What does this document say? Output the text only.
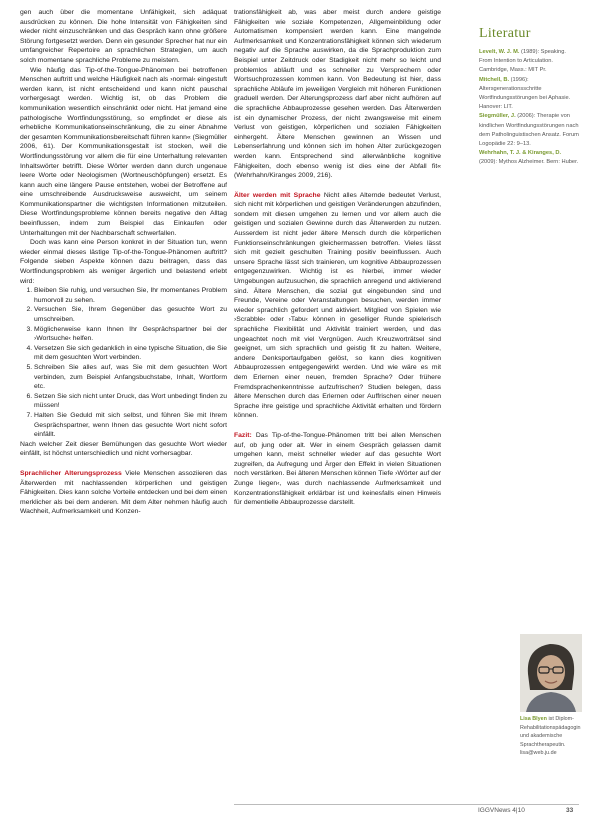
gen auch über die momentane Unfähigkeit, sich adäquat ausdrücken zu können. Die hohe Intensität von Fähigkeiten sind wieder nicht einzuschränken und das Gespräch kann ohne größere Störung fortgesetzt werden. Denn ein gesunder Sprecher hat nur ein umfangreicher Repertoire an sprachlichen Strategien, um auch solch momentane sprachliche Probleme zu meistern.

Wie häufig das Tip-of-the-Tongue-Phänomen bei betroffenen Menschen auftritt und welche Häufigkeit nach als ›normal‹ eingestuft werden kann, ist nicht entscheidend und kann nicht pauschal vorhergesagt werden. Wichtig ist, ob das Problem die kommunikation wesentlich einschränkt oder nicht. Hat jemand eine pathologische Wortfindungsstörung, so empfindet er diese als erhebliche Kommunikationseinschränkung, die zu einer Abnahme der gesamten Kommunikationsbereitschaft führen kann« (Siegmüller 2006, 61). Der Kommunikationsgestalt ist stocken, weil die Wortfindungsstörung vor allem die für eine Unterhaltung relevanten Inhaltswörter betrifft. Diese Wörter werden dann durch ungenaue leere Worte oder Neologismen (Wortneuschöpfungen) ersetzt. Es kann auch eine längere Pause entstehen, wobei der Betroffene auf eine umschreibende Ausdrucksweise ausweicht, um seinem Kommunikationspartner die wichtigsten Informationen mitzuteilen. Diese Wortfindungsprobleme können bereits negative den Alltag beeinflussen, indem zum Beispiel das Einkaufen oder Unterhaltungen mit der Nachbarschaft schwerfallen.

Doch was kann eine Person konkret in der Situation tun, wenn wieder einmal dieses lästige Tip-of-the-Tongue-Phänomen auftritt? Folgende sieben Aspekte können dazu beitragen, dass das Wortfindungsproblem als weniger ärgerlich und belastend erlebt wird:

1. Bleiben Sie ruhig, und versuchen Sie, Ihr momentanes Problem humorvoll zu sehen.
2. Versuchen Sie, Ihrem Gegenüber das gesuchte Wort zu umschreiben.
3. Möglicherweise kann Ihnen Ihr Gesprächspartner bei der ›Wortsuche‹ helfen.
4. Versetzen Sie sich gedanklich in eine typische Situation, die Sie mit dem gesuchten Wort verbinden.
5. Schreiben Sie alles auf, was Sie mit dem gesuchten Wort verbinden, zum Beispiel Anfangsbuchstabe, Inhalt, Wortform etc.
6. Setzen Sie sich nicht unter Druck, das Wort unbedingt finden zu müssen!
7. Halten Sie Geduld mit sich selbst, und führen Sie mit Ihrem Gesprächspartner, wenn Ihnen das gesuchte Wort nicht sofort einfällt.

Nach welcher Zeit dieser Bemühungen das gesuchte Wort wieder einfällt, ist höchst unterschiedlich und nicht vorhersagbar.

Sprachlicher Alterungsprozess Viele Menschen assoziieren das Älterwerden mit nachlassenden körperlichen und geistigen Fähigkeiten. Dies kann solche Vorteile entdecken und bei dem einen merklicher als bei dem anderen. Mit dem Alter nehmen häufig auch Wachheit, Aufmerksamkeit und Konzen-

trationsfähigkeit ab, was aber meist durch andere geistige Fähigkeiten wie soziale Kompetenzen, Allgemeinbildung oder Automatismen kompensiert werden kann. Eine mangelnde Aufmerksamkeit und Konzentrationsfähigkeit können sich wiederum negativ auf die Sprache auswirken, da die Sprachproduktion zum Beispiel unter Zeitdruck oder Stadigkeit nicht mehr so leicht und problemlos abläuft und es schneller zu Versprechern oder Wortsuchprozessen kommen kann. Von Bedeutung ist hier, dass sprachliche Abläufe im jeweiligen Vergleich mit höheren Funktionen graduell werden. Der Alterungsprozess darf aber nicht aufhören auf die sprachliche Abbauprozesse gesehen werden. Das Älterwerden ist ein dynamischer Prozess, der nicht zwangsweise mit einem Verlust von geistigen, körperlichen und sozialen Fähigkeiten einhergeht. Ältere Menschen gewinnen an Wissen und Lebenserfahrung und können sich im hohen Alter zurückgezogen werden kann. Entsprechend sind allerwänbliche kognitive Fähigkeiten, doch ebenso wenig ist dies eine der Abfall fit« (Wehrhahn/Kiranges 2009, 216).

Älter werden mit Sprache Nicht alles Alternde bedeutet Verlust, sich nicht mit körperlichen und geistigen Veränderungen abzufinden, sondern mit diesen umgehen zu lernen und vor allem auch die geistigen und sozialen Gewinne durch das Älterwerden zu nutzen. Ausserdem ist nicht jeder ältere Mensch durch die körperlichen Funktionseinschränkungen gleichermassen betroffen. Vieles lässt sich mit gezielt geschulten Training positiv beeinflussen. Auch unsere Sprache lässt sich trainieren, um kognitive Abbauprozessen entgegenzuwirken. Wichtig ist es hierbei, immer wieder Umgebungen aufzusuchen, die sprachlich anregend und aktivierend sind. Ältere Menschen, die sozial gut eingebunden sind und Freunde, Vereine oder Veranstaltungen besuchen, werden immer wieder sprachlich gefordert und aktiviert. Mitglied von Spielen wie ›Scrabble‹ oder ›Tabu‹ können in geselliger Runde spielerisch sprachliche Flexibilität und Aktivität trainiert werden, und das ungeachtet noch mit viel Vergnügen. Auch Kreuzworträtsel sind geeignet, um sich sprachlich und geistig fit zu halten. Weitere, andere Denksportaufgaben gelöst, so kann dies kognitiven Abbauprozessen entgegengewirkt werden. Und wie wäre es mit dem Erlernen einer neuen, fremden Sprache? Oder frühere Fremdsprachenkenntnisse aufzufrischen? Studien belegen, dass ältere Menschen durch das Erlernen oder Auffrischen einer neuen Sprache ihre geistige und sprachliche Aktivität erhalten und fördern können.

Fazit: Das Tip-of-the-Tongue-Phänomen tritt bei allen Menschen auf, ob jung oder alt. Wer in einem Gespräch gelassen damit umgehen kann, meist schneller wieder auf das gesuchte Wort zugreifen, da Aufregung und Ärger den Effekt in vielen Situationen noch verstärken. Bei älteren Menschen können Tiefe ›Wörter auf der Zunge liegen‹, was durch nachlassende Aufmerksamkeit und Konzentrationsfähigkeit erklärbar ist und keinesfalls einen Hinweis für dementielle Abbauprozesse darstellt.

Literatur
Levelt, W. J. M. (1989): Speaking. From Intention to Articulation. Cambridge, Mass.: MIT Pr.
Mitchell, B. (1996): Altersgenerationsschritte Wortfindungsstörungen bei Aphasie. Hanover: LIT.
Siegmüller, J. (2006): Therapie von kindlichen Wortfindungsstörungen nach dem Patholinguistischen Ansatz. Forum Logopädie 22: 9–13.
Wehrhahn, T. J. & Kiranges, D. (2009): Mythos Alzheimer. Bern: Huber.
Lisa Blyen ist Diplom-Rehabilitationspädagogin und akademische Sprachtherapeutin. lisa@web.ju.de
IGGVNews 4|10	33
